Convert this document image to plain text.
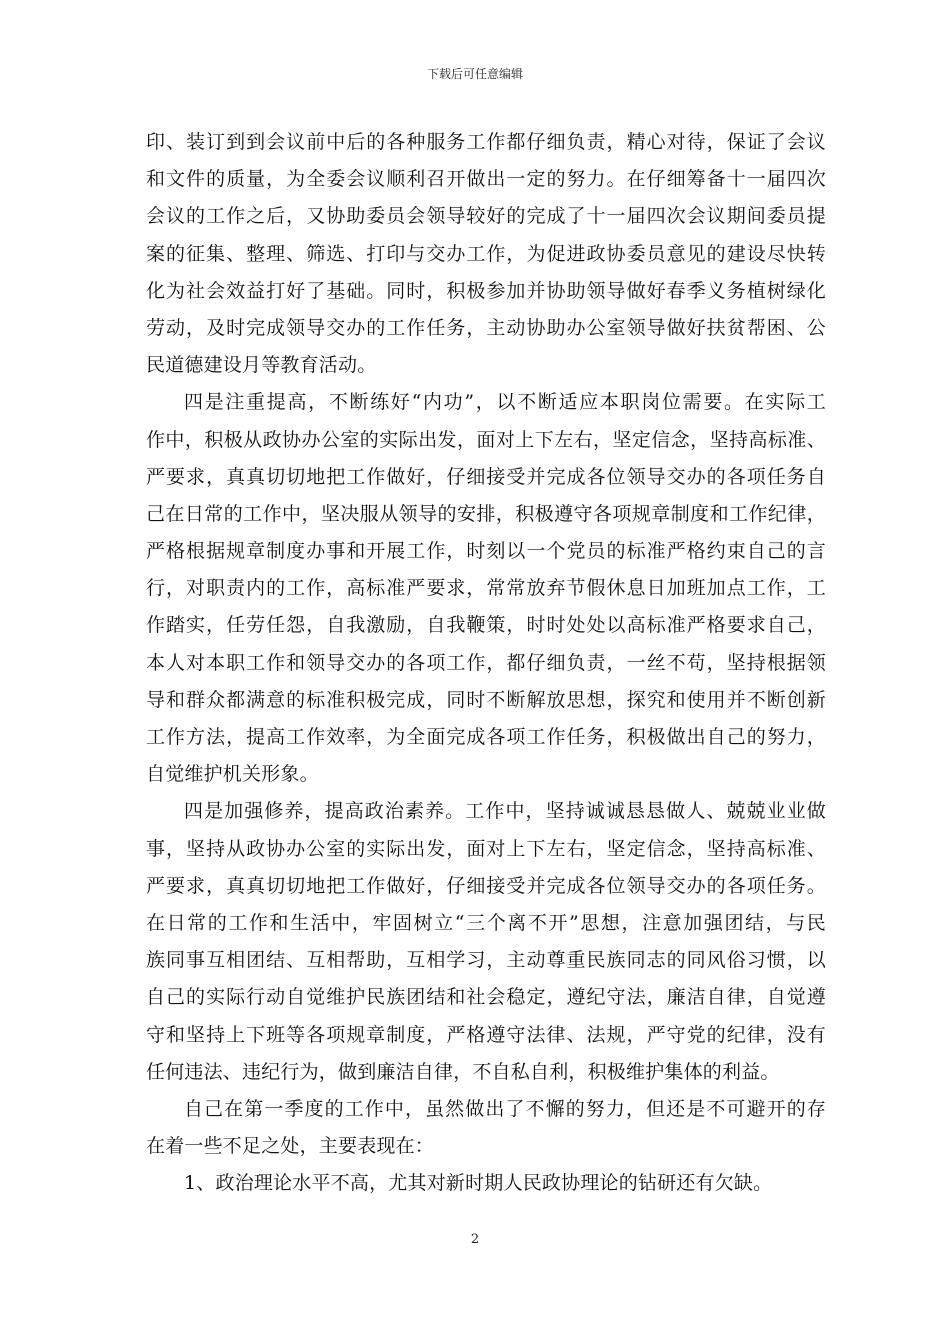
下载后可任意编辑
印、装订到到会议前中后的各种服务工作都仔细负责，精心对待，保证了会议
和文件的质量，为全委会议顺利召开做出一定的努力。在仔细筹备十一届四次
会议的工作之后，又协助委员会领导较好的完成了十一届四次会议期间委员提
案的征集、整理、筛选、打印与交办工作，为促进政协委员意见的建设尽快转
化为社会效益打好了基础。同时，积极参加并协助领导做好春季义务植树绿化
劳动，及时完成领导交办的工作任务，主动协助办公室领导做好扶贫帮困、公
民道德建设月等教育活动。
四是注重提高，不断练好“内功”，以不断适应本职岗位需要。在实际工
作中，积极从政协办公室的实际出发，面对上下左右，坚定信念，坚持高标准、
严要求，真真切切地把工作做好，仔细接受并完成各位领导交办的各项任务自
己在日常的工作中，坚决服从领导的安排，积极遵守各项规章制度和工作纪律，
严格根据规章制度办事和开展工作，时刻以一个党员的标准严格约束自己的言
行，对职责内的工作，高标准严要求，常常放弃节假休息日加班加点工作，工
作踏实，任劳任怨，自我激励，自我鞭策，时时处处以高标准严格要求自己，
本人对本职工作和领导交办的各项工作，都仔细负责，一丝不苟，坚持根据领
导和群众都满意的标准积极完成，同时不断解放思想，探究和使用并不断创新
工作方法，提高工作效率，为全面完成各项工作任务，积极做出自己的努力，
自觉维护机关形象。
四是加强修养，提高政治素养。工作中，坚持诚诚恳恳做人、兢兢业业做
事，坚持从政协办公室的实际出发，面对上下左右，坚定信念，坚持高标准、
严要求，真真切切地把工作做好，仔细接受并完成各位领导交办的各项任务。
在日常的工作和生活中，牢固树立“三个离不开”思想，注意加强团结，与民
族同事互相团结、互相帮助，互相学习，主动尊重民族同志的同风俗习惯，以
自己的实际行动自觉维护民族团结和社会稳定，遵纪守法，廉洁自律，自觉遵
守和坚持上下班等各项规章制度，严格遵守法律、法规，严守党的纪律，没有
任何违法、违纪行为，做到廉洁自律，不自私自利，积极维护集体的利益。
自己在第一季度的工作中，虽然做出了不懈的努力，但还是不可避开的存
在着一些不足之处，主要表现在：
1、政治理论水平不高，尤其对新时期人民政协理论的钻研还有欠缺。
2
